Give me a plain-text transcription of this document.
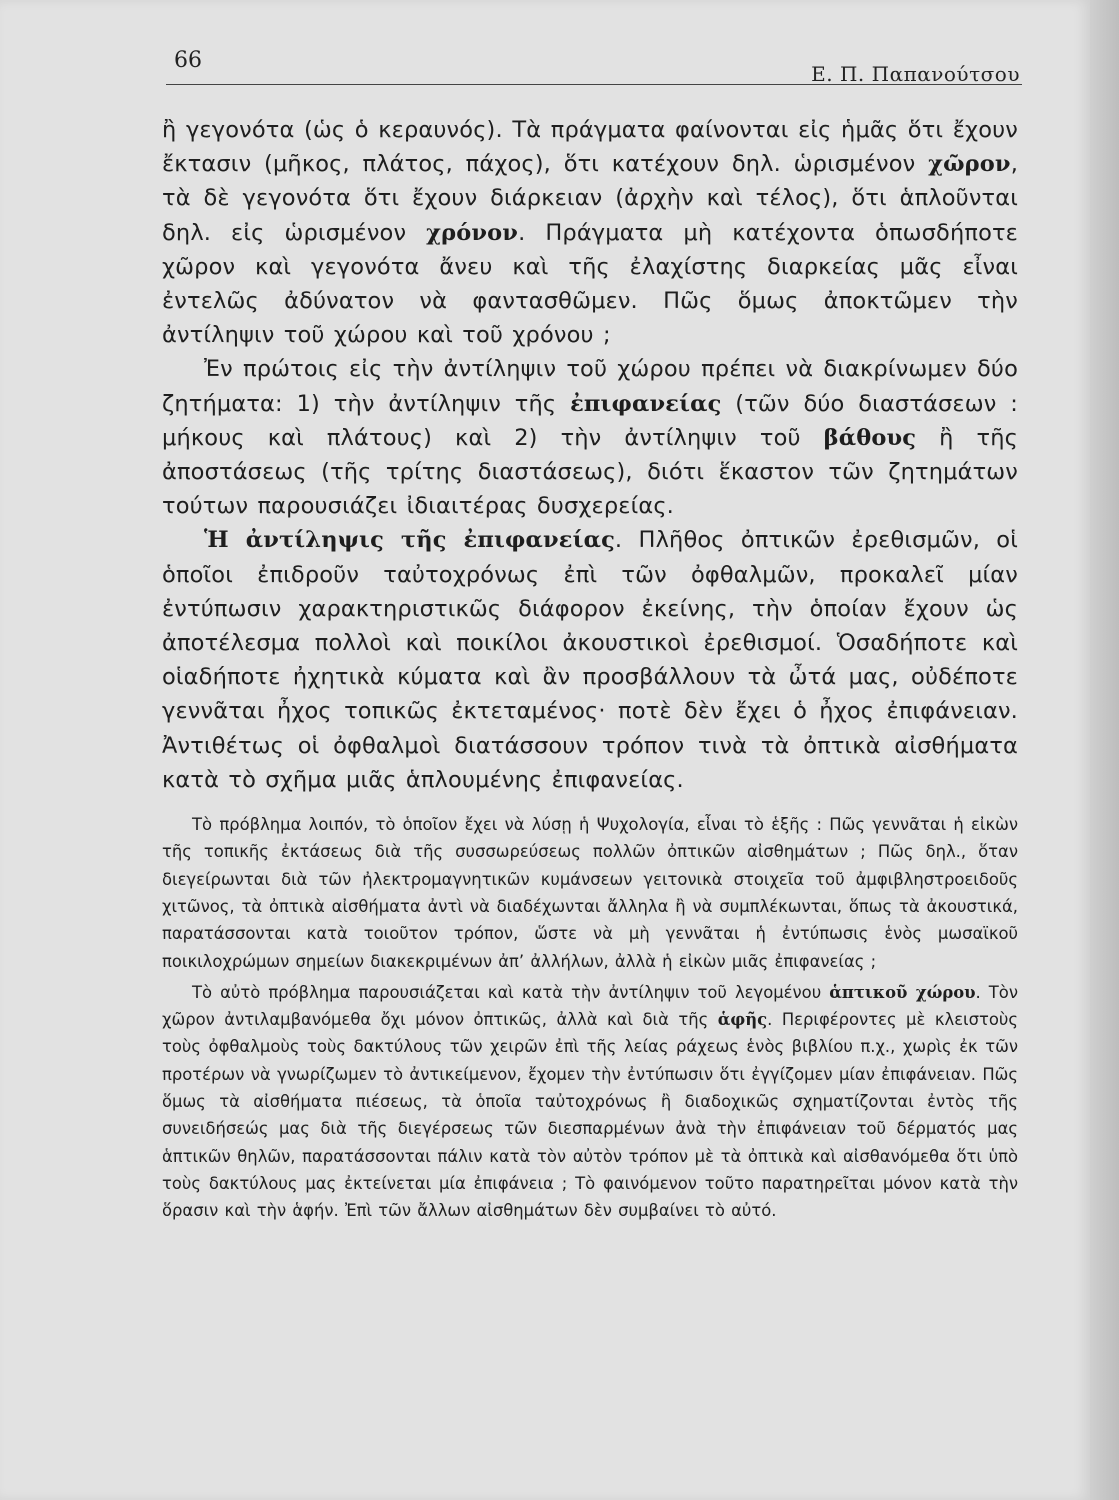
66
Ε. Π. Παπανούτσου

ἢ γεγονότα (ὡς ὁ κεραυνός). Τὰ πράγματα φαίνονται εἰς ἡμᾶς ὅτι ἔχουν ἔκτασιν (μῆκος, πλάτος, πάχος), ὅτι κατέχουν δηλ. ὡρισμένον χῶρον, τὰ δὲ γεγονότα ὅτι ἔχουν διάρκειαν (ἀρχὴν καὶ τέλος), ὅτι ἁπλοῦνται δηλ. εἰς ὡρισμένον χρόνον. Πράγματα μὴ κατέχοντα ὁπωσδήποτε χῶρον καὶ γεγονότα ἄνευ καὶ τῆς ἐλαχίστης διαρκείας μᾶς εἶναι ἐντελῶς ἀδύνατον νὰ φαντασθῶμεν. Πῶς ὅμως ἀποκτῶμεν τὴν ἀντίληψιν τοῦ χώρου καὶ τοῦ χρόνου ;

Ἐν πρώτοις εἰς τὴν ἀντίληψιν τοῦ χώρου πρέπει νὰ διακρίνωμεν δύο ζητήματα: 1) τὴν ἀντίληψιν τῆς ἐπιφανείας (τῶν δύο διαστάσεων : μήκους καὶ πλάτους) καὶ 2) τὴν ἀντίληψιν τοῦ βάθους ἢ τῆς ἀποστάσεως (τῆς τρίτης διαστάσεως), διότι ἕκαστον τῶν ζητημάτων τούτων παρουσιάζει ἰδιαιτέρας δυσχερείας.

Ἡ ἀντίληψις τῆς ἐπιφανείας. Πλῆθος ὀπτικῶν ἐρεθισμῶν, οἱ ὁποῖοι ἐπιδροῦν ταὐτοχρόνως ἐπὶ τῶν ὀφθαλμῶν, προκαλεῖ μίαν ἐντύπωσιν χαρακτηριστικῶς διάφορον ἐκείνης, τὴν ὁποίαν ἔχουν ὡς ἀποτέλεσμα πολλοὶ καὶ ποικίλοι ἀκουστικοὶ ἐρεθισμοί. Ὁσαδήποτε καὶ οἱαδήποτε ἠχητικὰ κύματα καὶ ἂν προσβάλλουν τὰ ὦτά μας, οὐδέποτε γεννᾶται ἦχος τοπικῶς ἐκτεταμένος· ποτὲ δὲν ἔχει ὁ ἦχος ἐπιφάνειαν. Ἀντιθέτως οἱ ὀφθαλμοὶ διατάσσουν τρόπον τινὰ τὰ ὀπτικὰ αἰσθήματα κατὰ τὸ σχῆμα μιᾶς ἁπλουμένης ἐπιφανείας.

Τὸ πρόβλημα λοιπόν, τὸ ὁποῖον ἔχει νὰ λύσῃ ἡ Ψυχολογία, εἶναι τὸ ἑξῆς : Πῶς γεννᾶται ἡ εἰκὼν τῆς τοπικῆς ἐκτάσεως διὰ τῆς συσσωρεύσεως πολλῶν ὀπτικῶν αἰσθημάτων ; Πῶς δηλ., ὅταν διεγείρωνται διὰ τῶν ἠλεκτρομαγνητικῶν κυμάνσεων γειτονικὰ στοιχεῖα τοῦ ἀμφιβληστροειδοῦς χιτῶνος, τὰ ὀπτικὰ αἰσθήματα ἀντὶ νὰ διαδέχωνται ἄλληλα ἢ νὰ συμπλέκωνται, ὅπως τὰ ἀκουστικά, παρατάσσονται κατὰ τοιοῦτον τρόπον, ὥστε νὰ μὴ γεννᾶται ἡ ἐντύπωσις ἑνὸς μωσαϊκοῦ ποικιλοχρώμων σημείων διακεκριμένων ἀπ’ ἀλλήλων, ἀλλὰ ἡ εἰκὼν μιᾶς ἐπιφανείας ;

Τὸ αὐτὸ πρόβλημα παρουσιάζεται καὶ κατὰ τὴν ἀντίληψιν τοῦ λεγομένου ἁπτικοῦ χώρου. Τὸν χῶρον ἀντιλαμβανόμεθα ὄχι μόνον ὀπτικῶς, ἀλλὰ καὶ διὰ τῆς ἁφῆς. Περιφέροντες μὲ κλειστοὺς τοὺς ὀφθαλμοὺς τοὺς δακτύλους τῶν χειρῶν ἐπὶ τῆς λείας ράχεως ἑνὸς βιβλίου π.χ., χωρὶς ἐκ τῶν προτέρων νὰ γνωρίζωμεν τὸ ἀντικείμενον, ἔχομεν τὴν ἐντύπωσιν ὅτι ἐγγίζομεν μίαν ἐπιφάνειαν. Πῶς ὅμως τὰ αἰσθήματα πιέσεως, τὰ ὁποῖα ταὐτοχρόνως ἢ διαδοχικῶς σχηματίζονται ἐντὸς τῆς συνειδήσεώς μας διὰ τῆς διεγέρσεως τῶν διεσπαρμένων ἀνὰ τὴν ἐπιφάνειαν τοῦ δέρματός μας ἁπτικῶν θηλῶν, παρατάσσονται πάλιν κατὰ τὸν αὐτὸν τρόπον μὲ τὰ ὀπτικὰ καὶ αἰσθανόμεθα ὅτι ὑπὸ τοὺς δακτύλους μας ἐκτείνεται μία ἐπιφάνεια ; Τὸ φαινόμενον τοῦτο παρατηρεῖται μόνον κατὰ τὴν ὅρασιν καὶ τὴν ἁφήν. Ἐπὶ τῶν ἄλλων αἰσθημάτων δὲν συμβαίνει τὸ αὐτό.
